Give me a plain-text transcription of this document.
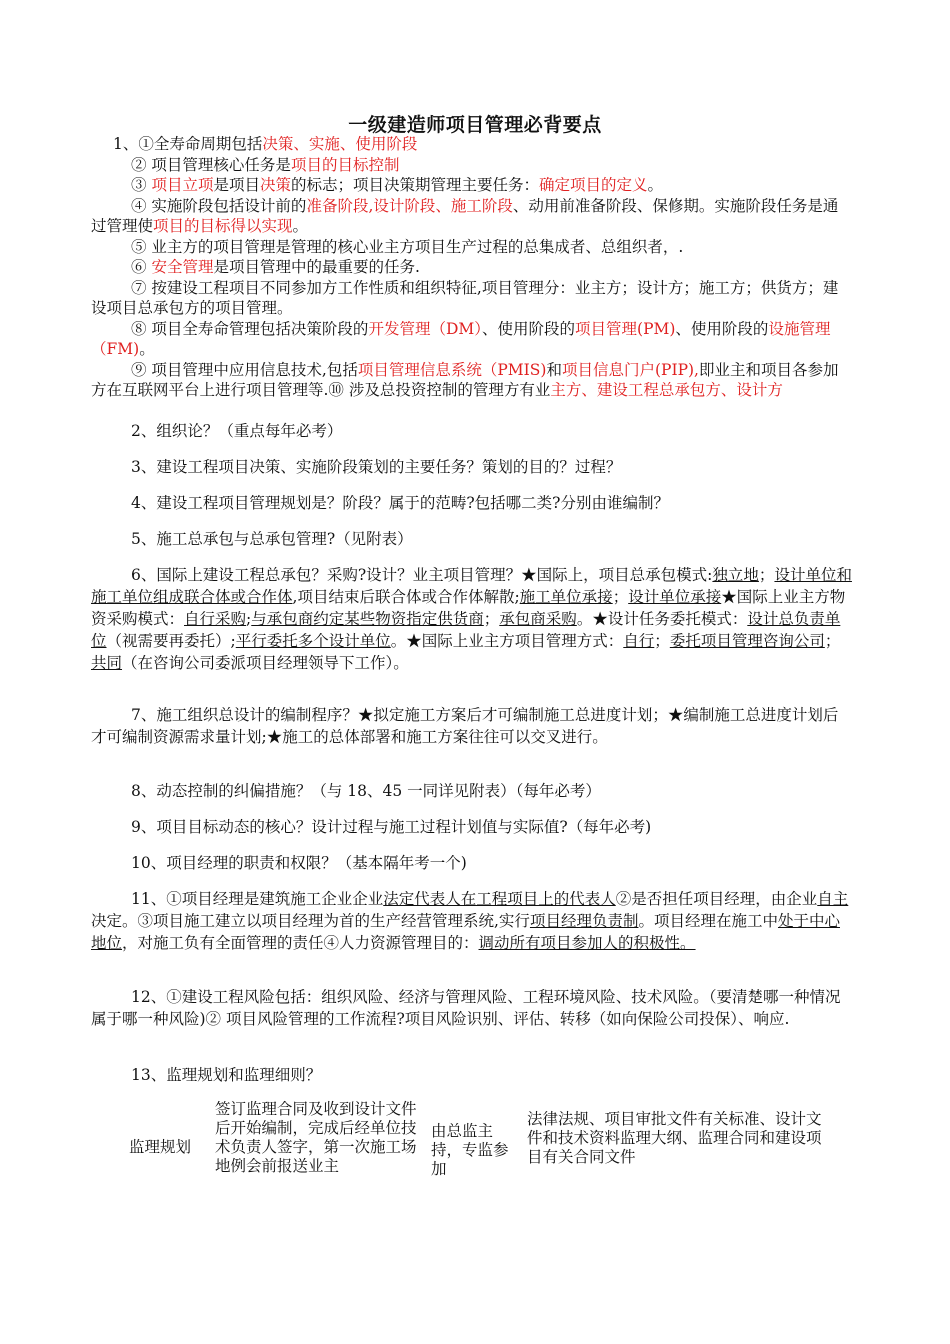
一级建造师项目管理必背要点

1、①全寿命周期包括决策、实施、使用阶段

② 项目管理核心任务是项目的目标控制

③ 项目立项是项目决策的标志；项目决策期管理主要任务：确定项目的定义。

④ 实施阶段包括设计前的准备阶段,设计阶段、施工阶段、动用前准备阶段、保修期。实施阶段任务是通过管理使项目的目标得以实现。

⑤ 业主方的项目管理是管理的核心业主方项目生产过程的总集成者、总组织者，.

⑥ 安全管理是项目管理中的最重要的任务.

⑦ 按建设工程项目不同参加方工作性质和组织特征,项目管理分：业主方；设计方；施工方；供货方；建设项目总承包方的项目管理。

⑧ 项目全寿命管理包括决策阶段的开发管理（DM）、使用阶段的项目管理(PM)、使用阶段的设施管理（FM)。

⑨ 项目管理中应用信息技术,包括项目管理信息系统（PMIS)和项目信息门户(PIP),即业主和项目各参加方在互联网平台上进行项目管理等.⑩ 涉及总投资控制的管理方有业主方、建设工程总承包方、设计方

2、组织论？（重点每年必考）
3、建设工程项目决策、实施阶段策划的主要任务？策划的目的？过程？
4、建设工程项目管理规划是？阶段？属于的范畴?包括哪二类?分别由谁编制？
5、施工总承包与总承包管理?（见附表）
6、国际上建设工程总承包？采购?设计？业主项目管理？★国际上，项目总承包模式:独立地；设计单位和施工单位组成联合体或合作体,项目结束后联合体或合作体解散;施工单位承接；设计单位承接★国际上业主方物资采购模式：自行采购;与承包商约定某些物资指定供货商；承包商采购。★设计任务委托模式：设计总负责单位（视需要再委托）;平行委托多个设计单位。★国际上业主方项目管理方式：自行；委托项目管理咨询公司；共同（在咨询公司委派项目经理领导下工作）。
7、施工组织总设计的编制程序？★拟定施工方案后才可编制施工总进度计划；★编制施工总进度计划后才可编制资源需求量计划;★施工的总体部署和施工方案往往可以交叉进行。
8、动态控制的纠偏措施？（与 18、45 一同详见附表）（每年必考）
9、项目目标动态的核心？设计过程与施工过程计划值与实际值?（每年必考)
10、项目经理的职责和权限？（基本隔年考一个)
11、①项目经理是建筑施工企业企业法定代表人在工程项目上的代表人②是否担任项目经理，由企业自主决定。③项目施工建立以项目经理为首的生产经营管理系统,实行项目经理负责制。项目经理在施工中处于中心地位，对施工负有全面管理的责任④人力资源管理目的：调动所有项目参加人的积极性。
12、①建设工程风险包括：组织风险、经济与管理风险、工程环境风险、技术风险。（要清楚哪一种情况属于哪一种风险)② 项目风险管理的工作流程?项目风险识别、评估、转移（如向保险公司投保）、响应.
13、监理规划和监理细则？
监理规划
签订监理合同及收到设计文件后开始编制，完成后经单位技术负责人签字，第一次施工场地例会前报送业主
由总监主持，专监参加
法律法规、项目审批文件有关标准、设计文件和技术资料监理大纲、监理合同和建设项目有关合同文件
